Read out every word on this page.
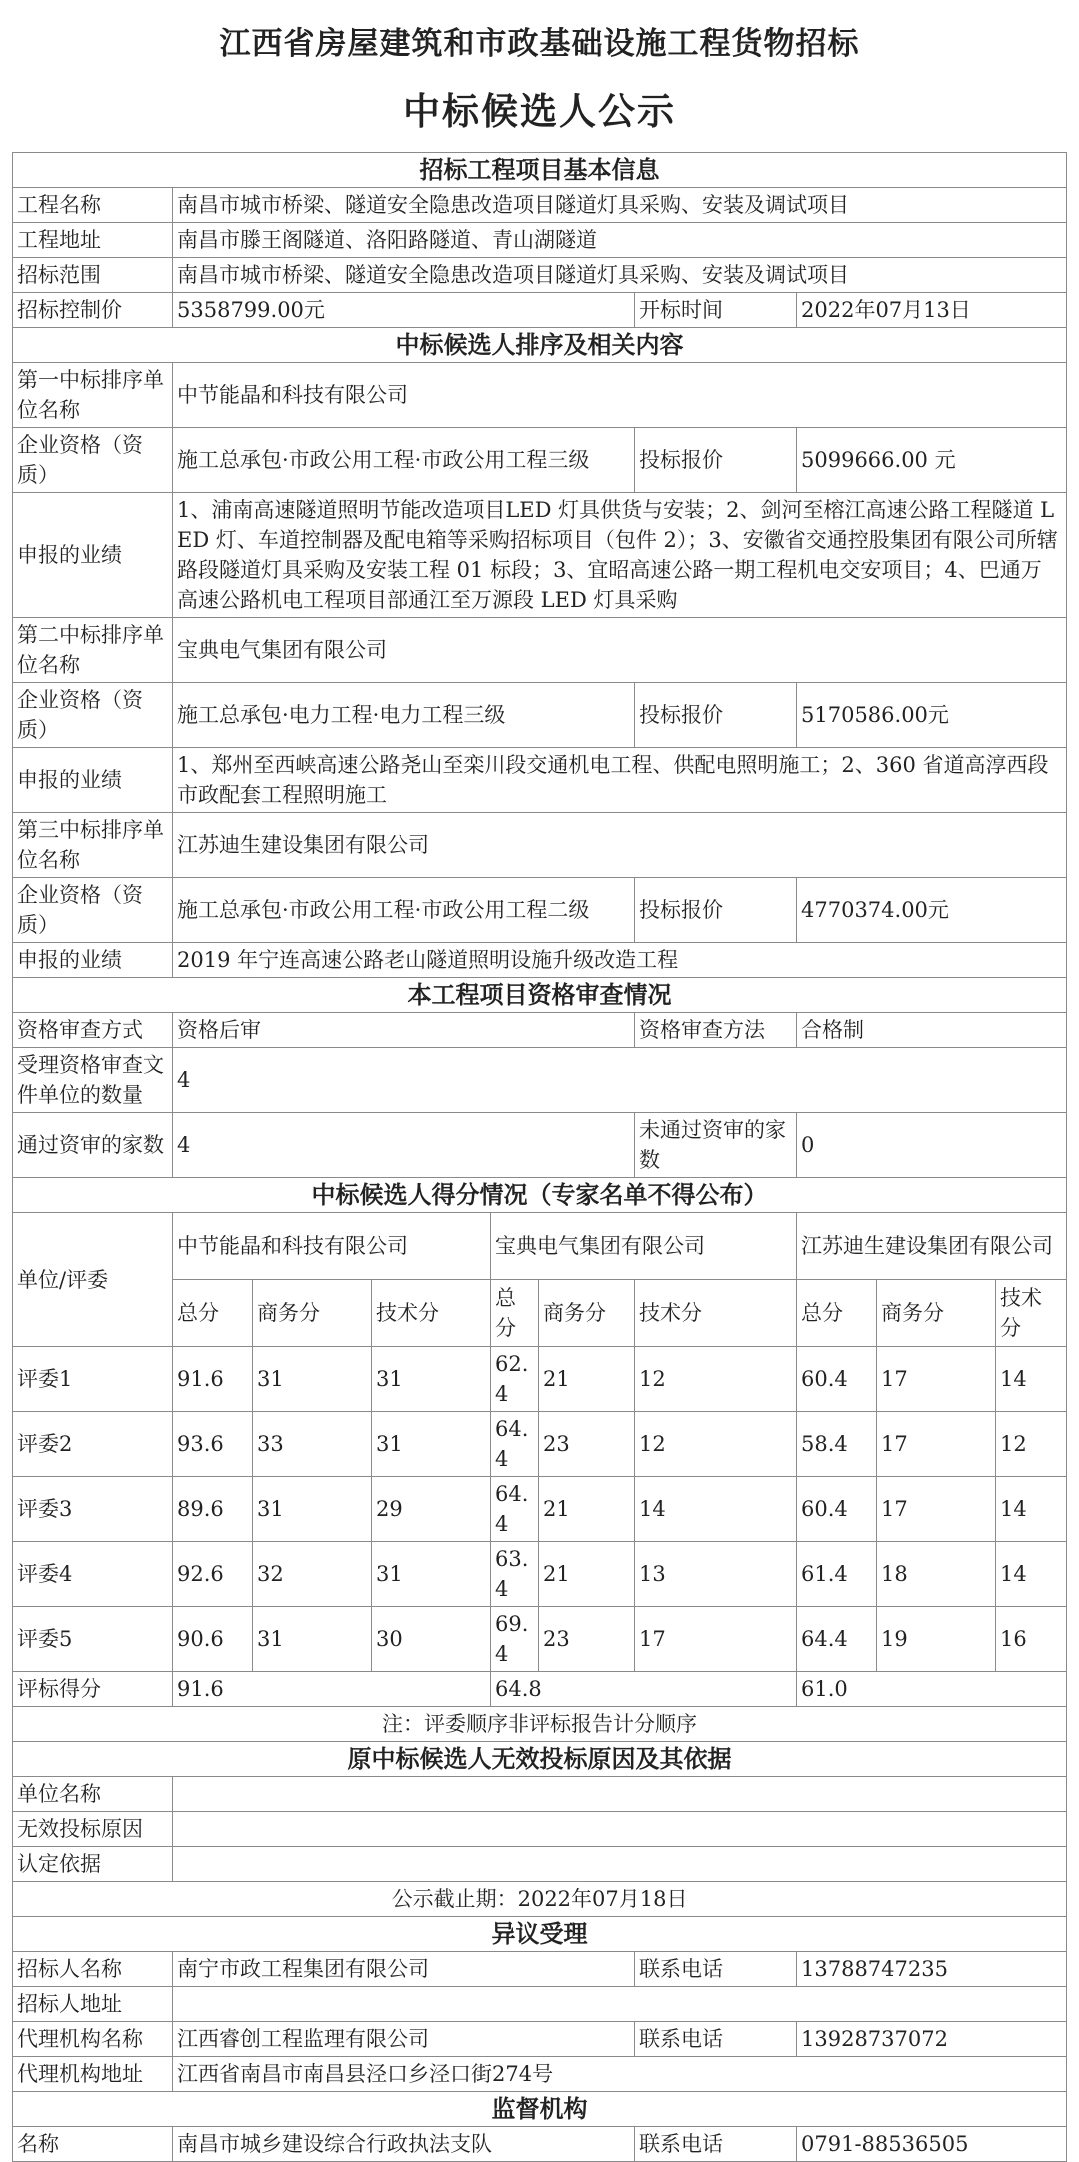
江西省房屋建筑和市政基础设施工程货物招标

中标候选人公示

招标工程项目基本信息									
工程名称	南昌市城市桥梁、隧道安全隐患改造项目隧道灯具采购、安装及调试项目								
工程地址	南昌市滕王阁隧道、洛阳路隧道、青山湖隧道								
招标范围	南昌市城市桥梁、隧道安全隐患改造项目隧道灯具采购、安装及调试项目								
招标控制价	5358799.00元					开标时间	2022年07月13日		
中标候选人排序及相关内容									
第一中标排序单位名称	中节能晶和科技有限公司								
企业资格（资质）	施工总承包·市政公用工程·市政公用工程三级					投标报价	5099666.00 元		
申报的业绩	1、浦南高速隧道照明节能改造项目LED 灯具供货与安装；2、剑河至榕江高速公路工程隧道 LED 灯、车道控制器及配电箱等采购招标项目（包件 2）；3、安徽省交通控股集团有限公司所辖路段隧道灯具采购及安装工程 01 标段；3、宜昭高速公路一期工程机电交安项目；4、巴通万高速公路机电工程项目部通江至万源段 LED 灯具采购								
第二中标排序单位名称	宝典电气集团有限公司								
企业资格（资质）	施工总承包·电力工程·电力工程三级					投标报价	5170586.00元		
申报的业绩	1、郑州至西峡高速公路尧山至栾川段交通机电工程、供配电照明施工；2、360 省道高淳西段市政配套工程照明施工								
第三中标排序单位名称	江苏迪生建设集团有限公司								
企业资格（资质）	施工总承包·市政公用工程·市政公用工程二级					投标报价	4770374.00元		
申报的业绩	2019 年宁连高速公路老山隧道照明设施升级改造工程								
本工程项目资格审查情况									
资格审查方式	资格后审					资格审查方法	合格制		
受理资格审查文件单位的数量	4								
通过资审的家数	4					未通过资审的家数	0		
中标候选人得分情况（专家名单不得公布）									
单位/评委	中节能晶和科技有限公司			宝典电气集团有限公司			江苏迪生建设集团有限公司		
	总分	商务分	技术分	总分	商务分	技术分	总分	商务分	技术分
评委1	91.6	31	31	62.4	21	12	60.4	17	14
评委2	93.6	33	31	64.4	23	12	58.4	17	12
评委3	89.6	31	29	64.4	21	14	60.4	17	14
评委4	92.6	32	31	63.4	21	13	61.4	18	14
评委5	90.6	31	30	69.4	23	17	64.4	19	16
评标得分	91.6			64.8			61.0		
注：评委顺序非评标报告计分顺序									
原中标候选人无效投标原因及其依据									
单位名称									
无效投标原因									
认定依据									
公示截止期：2022年07月18日									
异议受理									
招标人名称	南宁市政工程集团有限公司					联系电话	13788747235		
招标人地址									
代理机构名称	江西睿创工程监理有限公司					联系电话	13928737072		
代理机构地址	江西省南昌市南昌县泾口乡泾口街274号								
监督机构									
名称	南昌市城乡建设综合行政执法支队					联系电话	0791-88536505		
